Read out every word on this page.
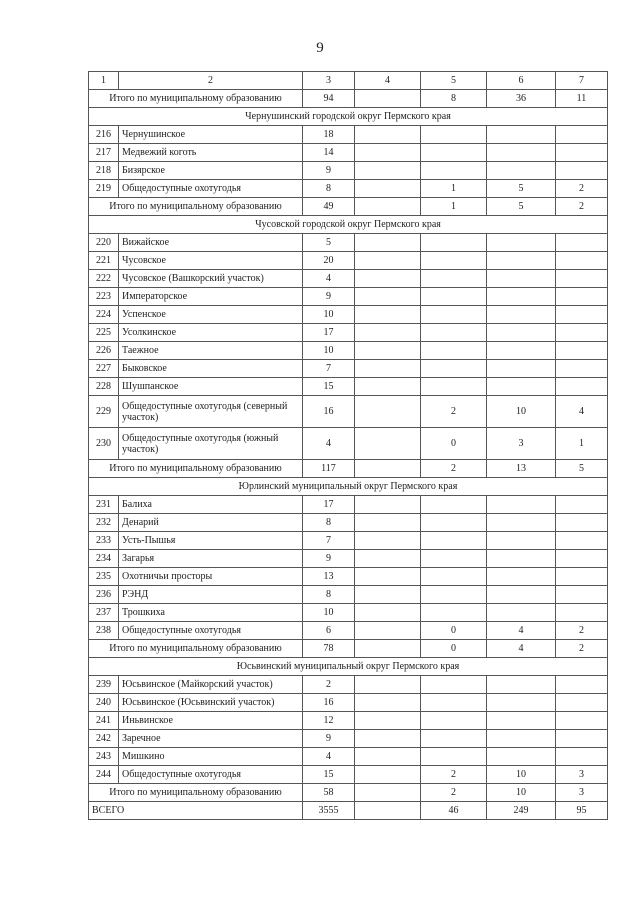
9
1	2	3	4	5	6	7
Итого по муниципальному образованию		94		8	36	11
Чернушинский городской округ Пермского края						
216	Чернушинское	18				
217	Медвежий коготь	14				
218	Бизярское	9				
219	Общедоступные охотугодья	8		1	5	2
Итого по муниципальному образованию		49		1	5	2
Чусовской городской округ Пермского края						
220	Вижайское	5				
221	Чусовское	20				
222	Чусовское (Вашкорский участок)	4				
223	Императорское	9				
224	Успенское	10				
225	Усолкинское	17				
226	Таежное	10				
227	Быковское	7				
228	Шушпанское	15				
229	Общедоступные охотугодья (северный участок)	16		2	10	4
230	Общедоступные охотугодья (южный участок)	4		0	3	1
Итого по муниципальному образованию		117		2	13	5
Юрлинский муниципальный округ Пермского края						
231	Балиха	17				
232	Денарий	8				
233	Усть-Пышья	7				
234	Загарья	9				
235	Охотничьи просторы	13				
236	РЭНД	8				
237	Трошкиха	10				
238	Общедоступные охотугодья	6		0	4	2
Итого по муниципальному образованию		78		0	4	2
Юсьвинский муниципальный округ Пермского края						
239	Юсьвинское (Майкорский участок)	2				
240	Юсьвинское (Юсьвинский участок)	16				
241	Иньвинское	12				
242	Заречное	9				
243	Мишкино	4				
244	Общедоступные охотугодья	15		2	10	3
Итого по муниципальному образованию		58		2	10	3
ВСЕГО		3555		46	249	95
